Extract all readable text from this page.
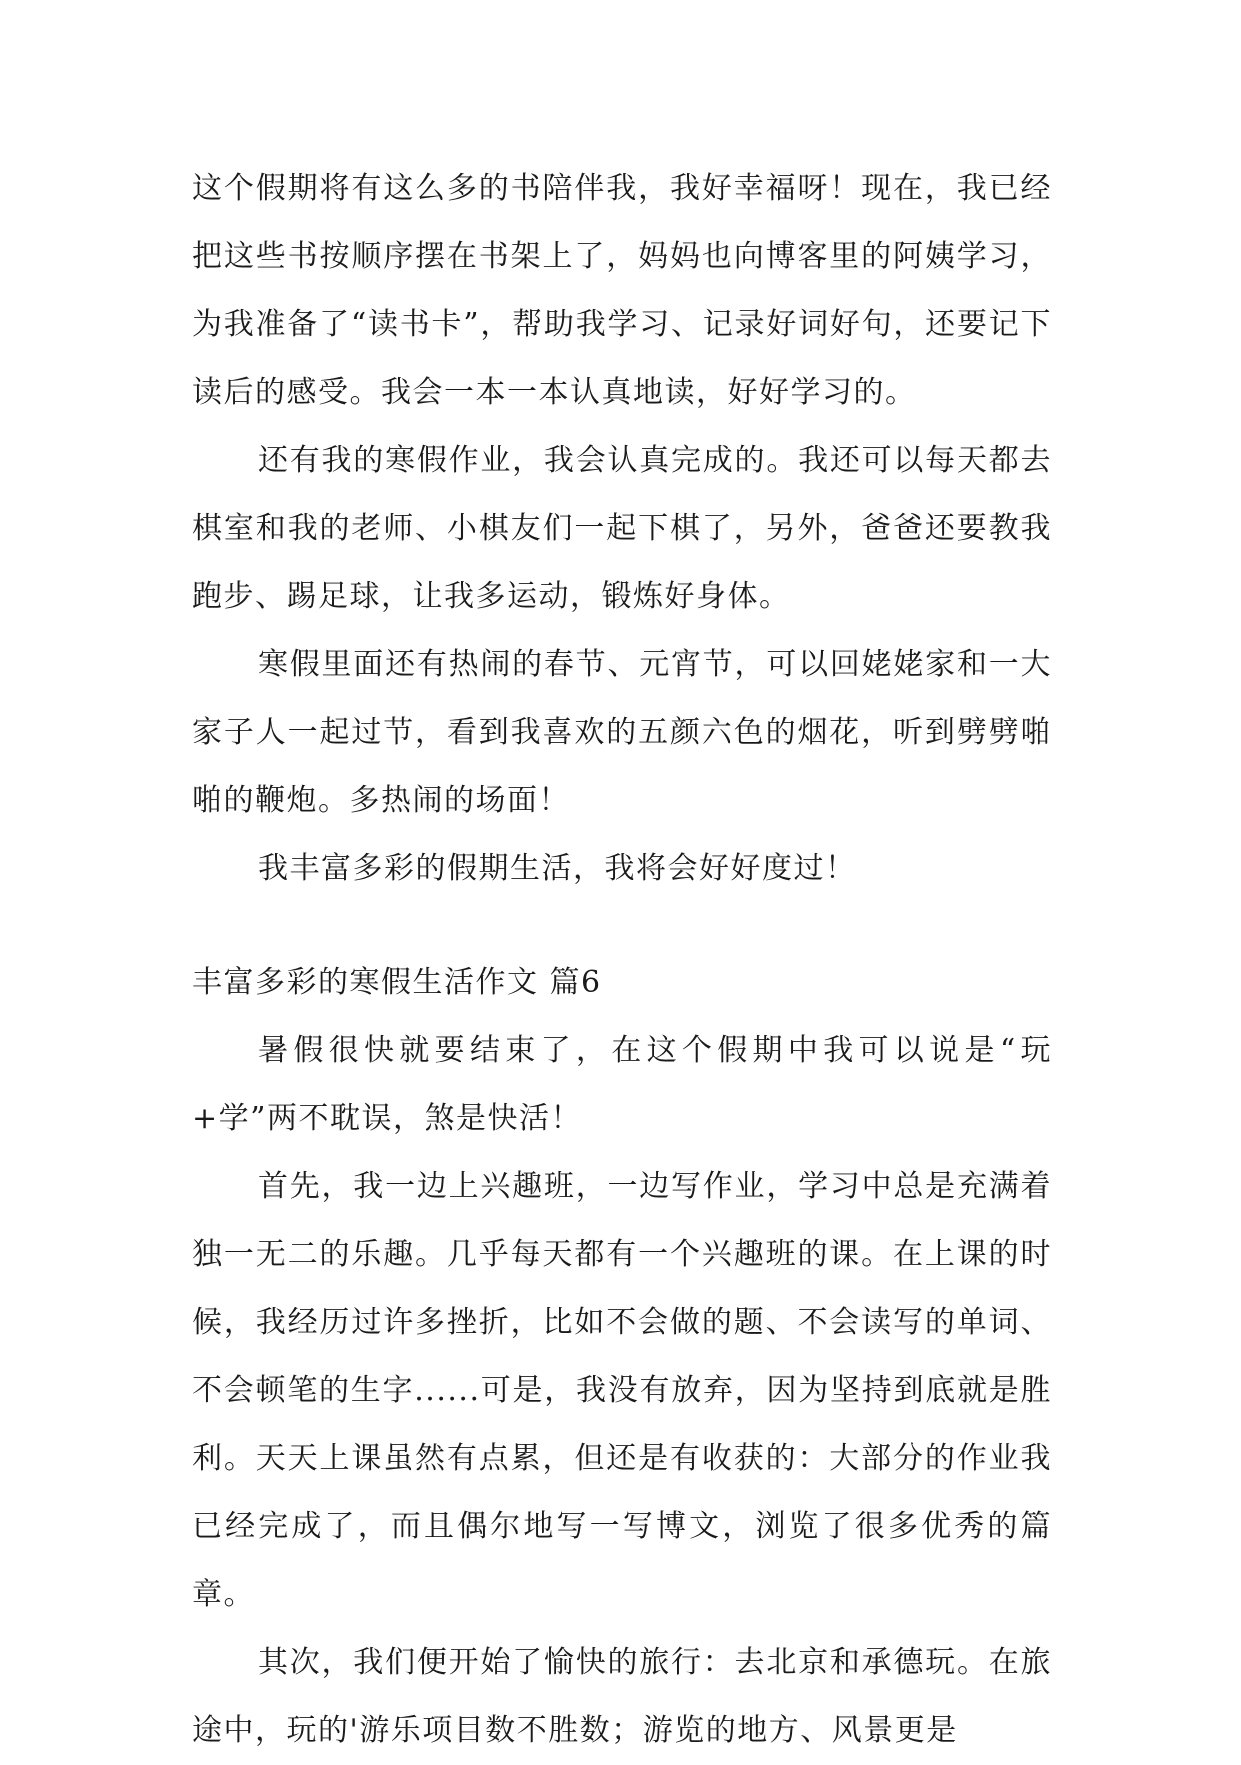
这个假期将有这么多的书陪伴我，我好幸福呀！现在，我已经把这些书按顺序摆在书架上了，妈妈也向博客里的阿姨学习，为我准备了“读书卡”，帮助我学习、记录好词好句，还要记下读后的感受。我会一本一本认真地读，好好学习的。

还有我的寒假作业，我会认真完成的。我还可以每天都去棋室和我的老师、小棋友们一起下棋了，另外，爸爸还要教我跑步、踢足球，让我多运动，锻炼好身体。

寒假里面还有热闹的春节、元宵节，可以回姥姥家和一大家子人一起过节，看到我喜欢的五颜六色的烟花，听到劈劈啪啪的鞭炮。多热闹的场面！

我丰富多彩的假期生活，我将会好好度过！

丰富多彩的寒假生活作文 篇6

暑假很快就要结束了，在这个假期中我可以说是“玩+学”两不耽误，煞是快活！

首先，我一边上兴趣班，一边写作业，学习中总是充满着独一无二的乐趣。几乎每天都有一个兴趣班的课。在上课的时候，我经历过许多挫折，比如不会做的题、不会读写的单词、不会顿笔的生字......可是，我没有放弃，因为坚持到底就是胜利。天天上课虽然有点累，但还是有收获的：大部分的作业我已经完成了，而且偶尔地写一写博文，浏览了很多优秀的篇章。

其次，我们便开始了愉快的旅行：去北京和承德玩。在旅途中，玩的'游乐项目数不胜数；游览的地方、风景更是
